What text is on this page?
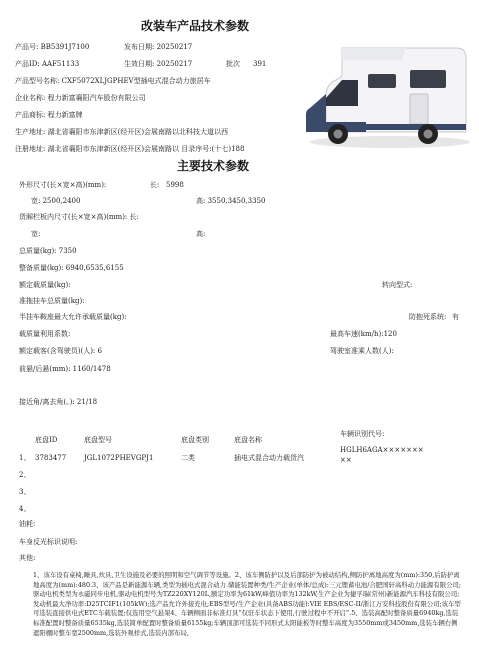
改装车产品技术参数
产品号: BB5391J7100	发布日期: 20250217
产品ID: AAF51133	生效日期: 20250217	批次 391
产品型号名称: CXF5072XLJGPHEV型插电式混合动力旅居车
企业名称: 程力新富襄阳汽车股份有限公司
产品商标: 程力新富牌
生产地址: 湖北省襄阳市东津新区(经开区)会展南路以北科技大道以西
注册地址: 湖北省襄阳市东津新区(经开区)会展南路以 目录序号:(十七)188
主要技术参数
外形尺寸(长×宽×高)(mm):	长: 5998
宽: 2500,2400	高: 3550,3450,3350
货厢栏板内尺寸(长×宽×高)(mm): 长:
宽:	高:
总质量(kg): 7350
整备质量(kg): 6940,6535,6155
额定载质量(kg):	转向型式:
准拖挂车总质量(kg):
半挂车鞍座最大允许承载质量(kg):	防抱死系统: 有
载质量利用系数:	最高车速(km/h):120
额定载客(含驾驶员)(人): 6	驾驶室准乘人数(人):
前悬/后悬(mm): 1160/1478
接近角/离去角(。): 21/18
车辆识别代号:
HGLH6AGA×××××××
××
底盘ID	底盘型号	底盘类别	底盘名称
1、 3783477	JGL1072PHEVGPJ1	二类	插电式混合动力载货汽
2、
3、
4、
油耗:
车身反光标识说明:
其他:
1、该车设有桌椅,睡具,炊具,卫生设施及必要的照明和空气调节等设施。2、该车侧防护以及后部防护为被动结构,侧防护离地高度为(mm):350,后防护离地高度为(mm):480.3、该产品是新能源车辆,类型为插电式混合动力.储能装置种类/生产企业(单体/总成):三元锂蓄电池/合肥国轩高科动力能源有限公司;驱动电机类型为永磁同步电机,驱动电机型号为TZ220XY120L,额定功率为61kW,峰值功率为132kW,生产企业为捷孚瑞(常州)新能源汽车科技有限公司;发动机最大净功率:D25TCIF1(105kW);选产品允许外接充电;EBS型号/生产企业(具备ABS功能):VIE EBS/ESC-II/浙江万安科技股份有限公司;该车型可选装直接供电式ETC车载装置;仅选用空气悬架4、车辆侧面非标准灯具“仅驻车状态下使用,行驶过程中不开启”.5、选装高配时整备质量6940kg,选装标准配置时整备质量6535kg,选装简单配置时整备质量6155kg;车辆顶部可选装不同形式太阳能板等时整车高度为3550mm或3450mm,选装车辆右侧遮阳棚时整车宽2500mm,选装外观样式,选装内部布局,
